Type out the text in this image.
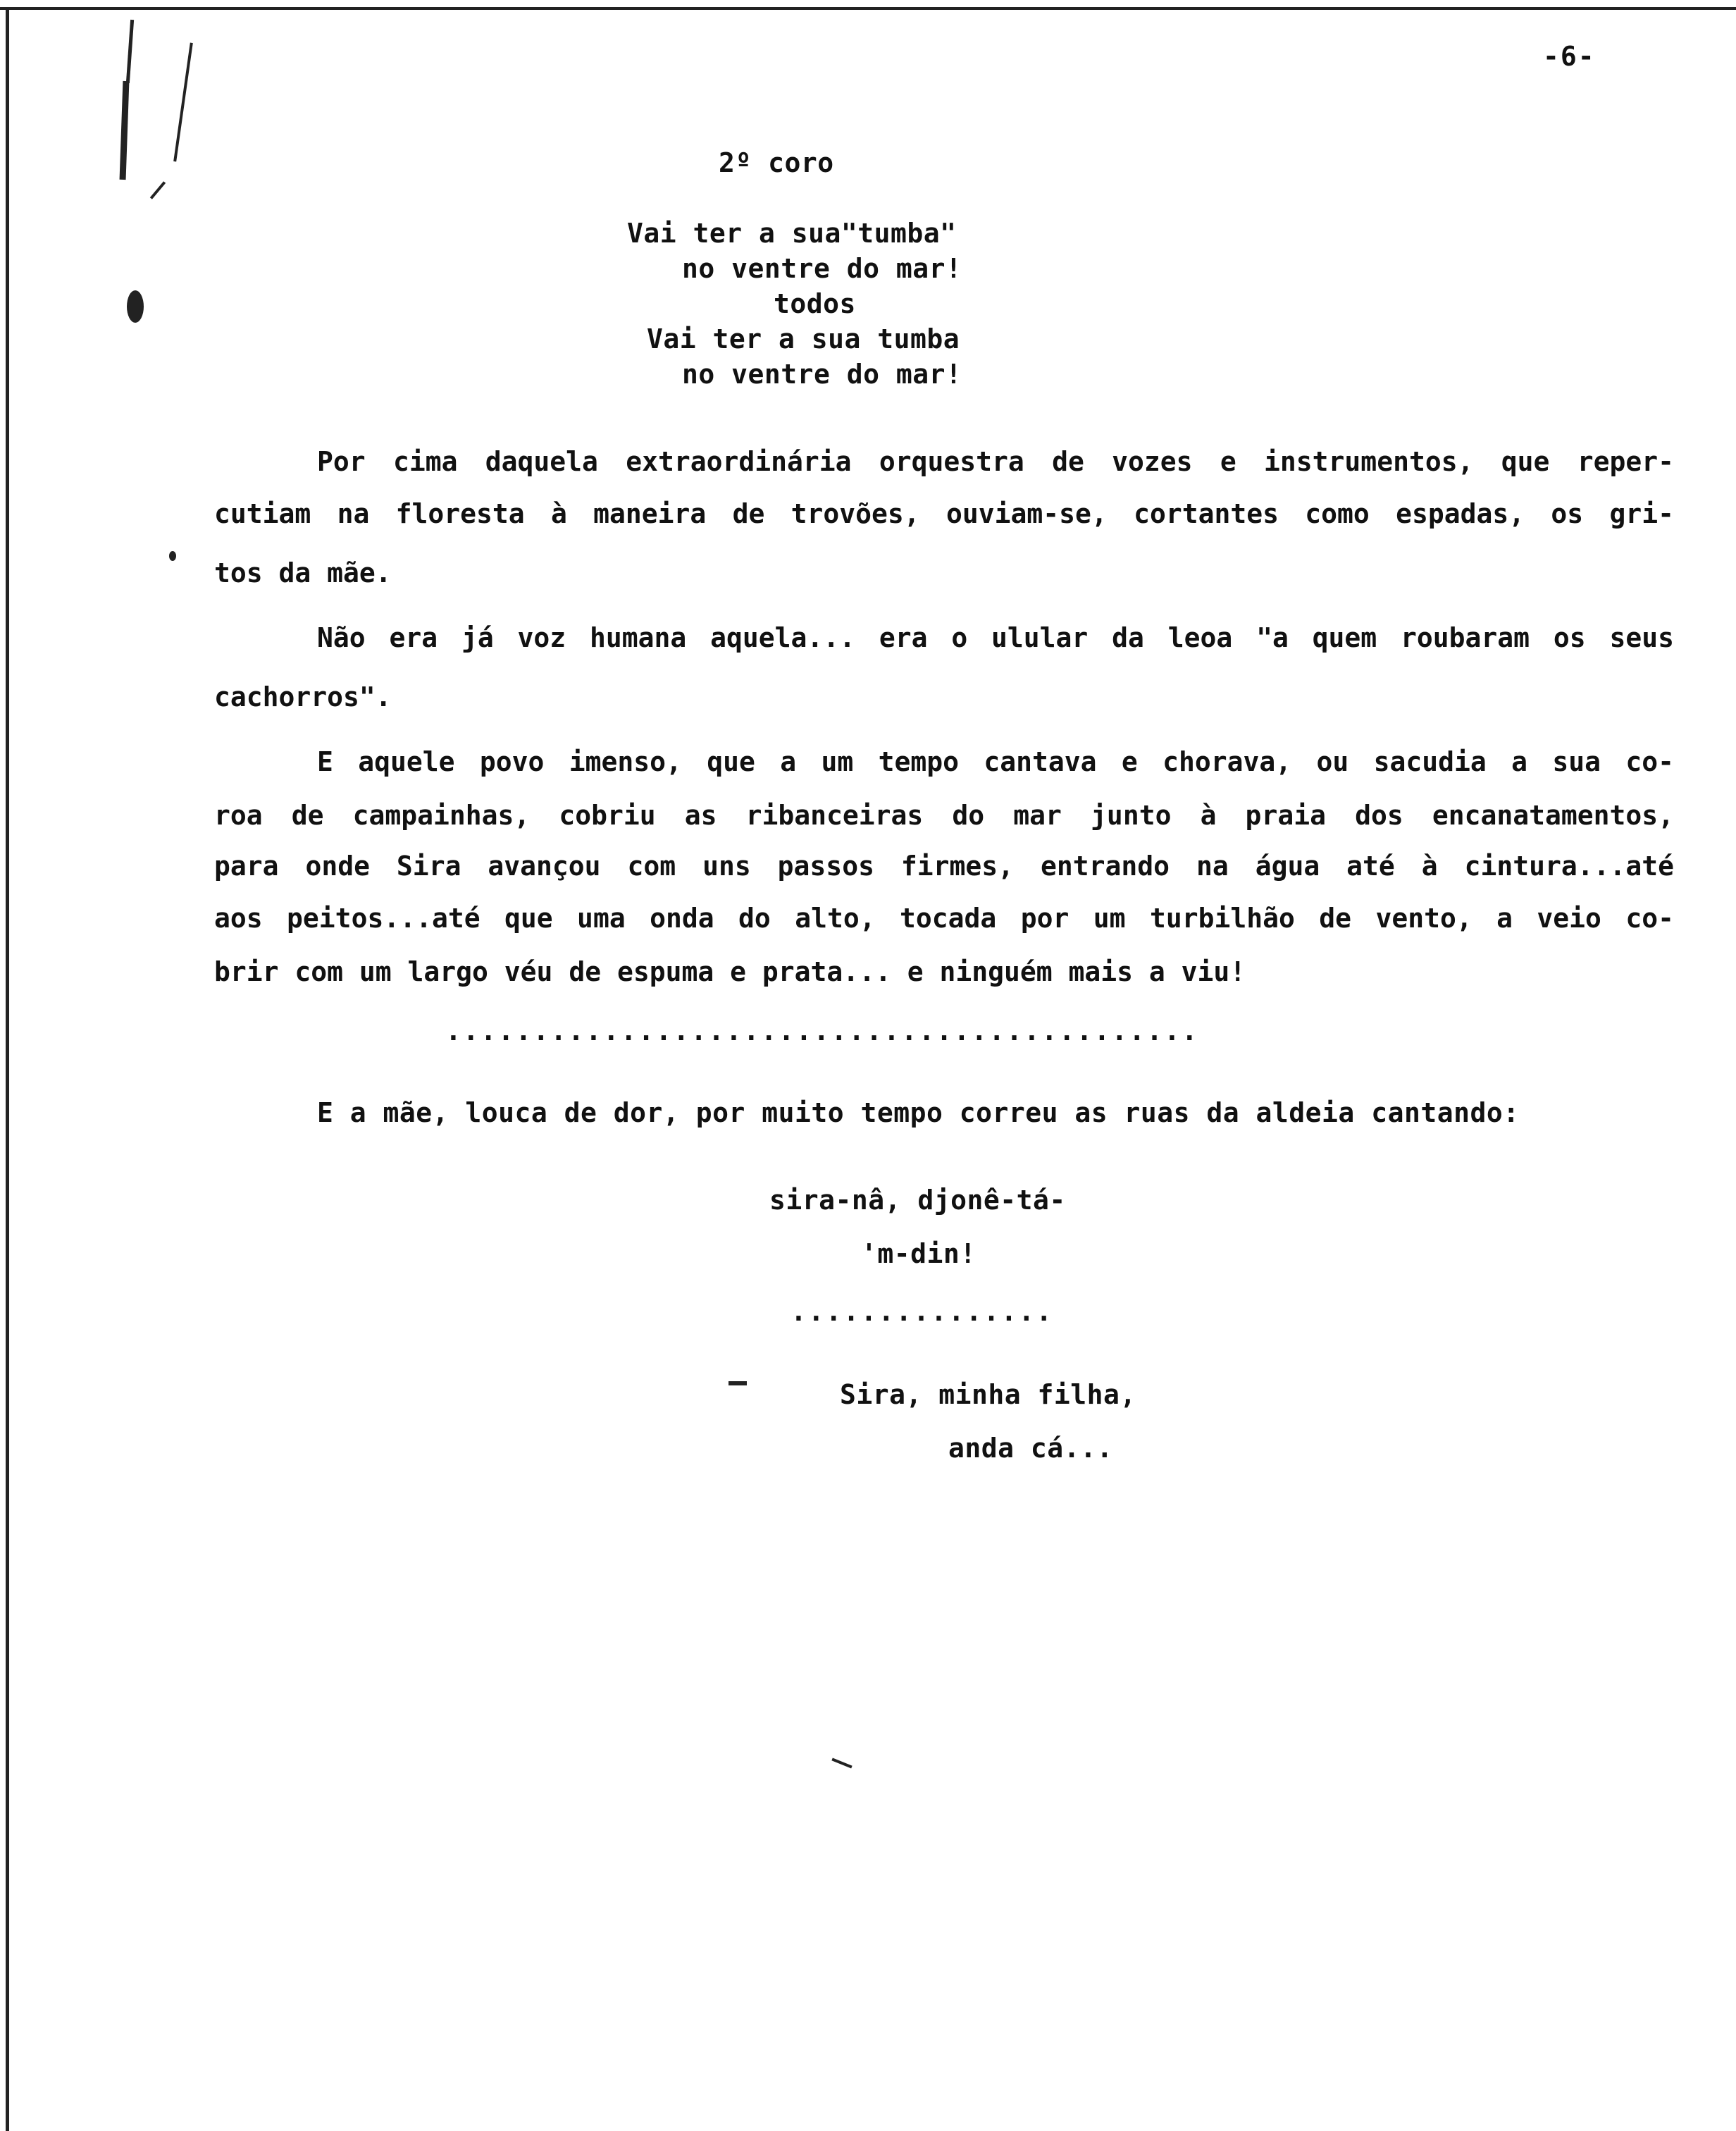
-6-
2º coro
Vai ter a sua"tumba"
no ventre do mar!
todos
Vai ter a sua tumba
no ventre do mar!
Por cima daquela extraordinária orquestra de vozes e instrumentos, que reper-
cutiam na floresta à maneira de trovões, ouviam-se, cortantes como espadas, os gri-
tos da mãe.
Não era já voz humana aquela... era o ulular da leoa "a quem roubaram os seus
cachorros".
E aquele povo imenso, que a um tempo cantava e chorava, ou sacudia a sua co-
roa de campainhas, cobriu as ribanceiras do mar junto à praia dos encanatamentos,
para onde Sira avançou com uns passos firmes, entrando na água até à cintura...até
aos peitos...até que uma onda do alto, tocada por um turbilhão de vento, a veio co-
brir com um largo véu de espuma e prata... e ninguém mais a viu!
...........................................
E a mãe, louca de dor, por muito tempo correu as ruas da aldeia cantando:
sira-nâ, djonê-tá-
'm-din!
...............
Sira, minha filha,
anda cá...
